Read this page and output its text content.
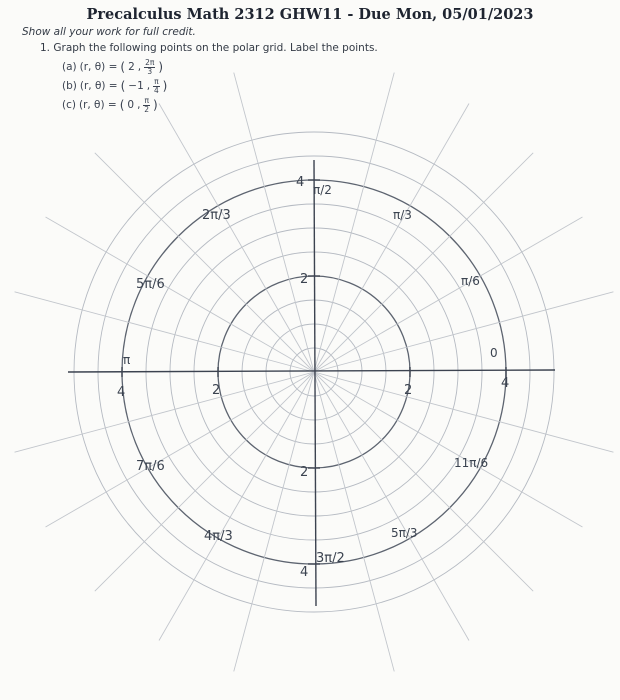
Precalculus Math 2312 GHW11 - Due Mon, 05/01/2023
Show all your work for full credit.
1. Graph the following points on the polar grid. Label the points.
(a) (r, θ) = ( 2 , $\frac{2\pi}{3}$ )
(b) (r, θ) = ( −1 , $\frac{\pi}{4}$ )
(c) (r, θ) = ( 0 , $\frac{\pi}{2}$ )
π/2
π/3
2π/3
5π/6	π/6
π	0
7π/6	11π/6
4π/3	5π/3
3π/2
2	4
2
4
2
4
2
4
